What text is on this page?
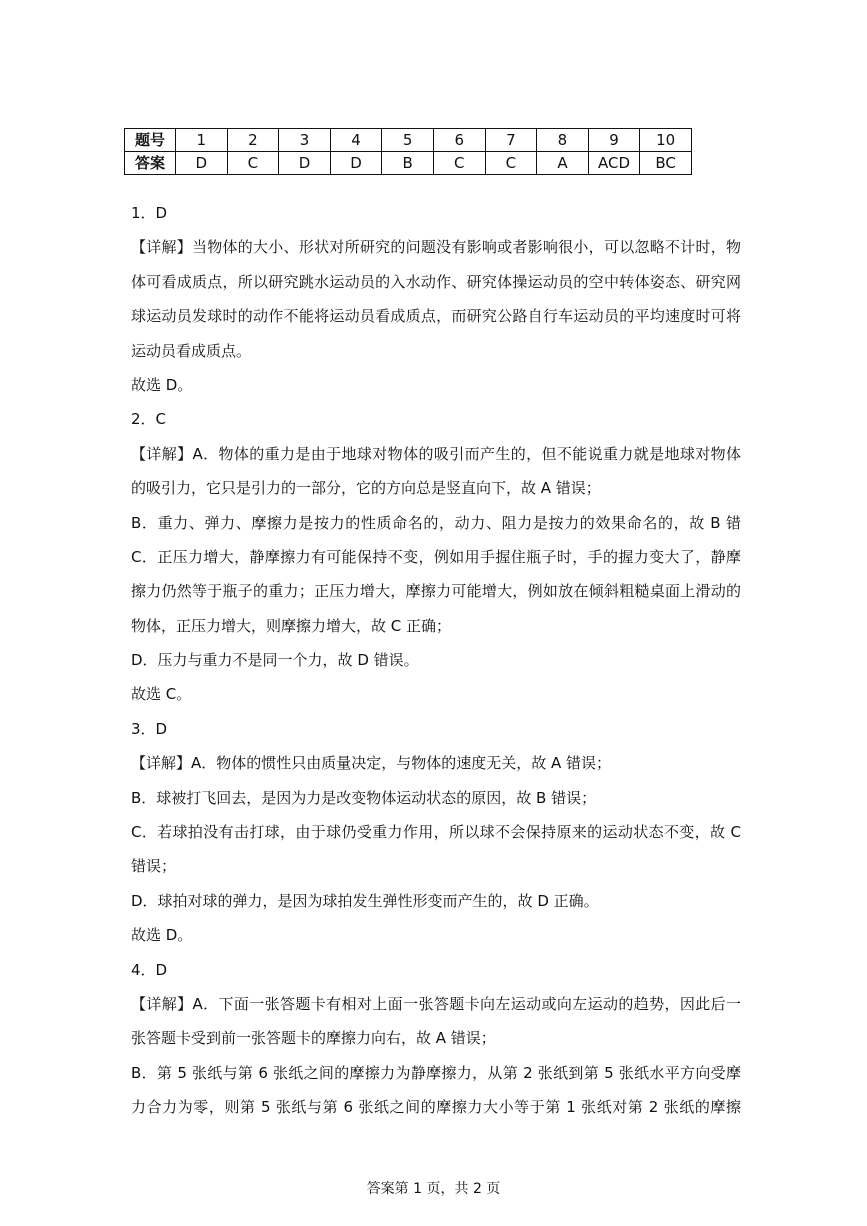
题号	1	2	3	4	5	6	7	8	9	10
答案	D	C	D	D	B	C	C	A	ACD	BC
1．D
【详解】当物体的大小、形状对所研究的问题没有影响或者影响很小，可以忽略不计时，物
体可看成质点，所以研究跳水运动员的入水动作、研究体操运动员的空中转体姿态、研究网
球运动员发球时的动作不能将运动员看成质点，而研究公路自行车运动员的平均速度时可将
运动员看成质点。
故选 D。
2．C
【详解】A．物体的重力是由于地球对物体的吸引而产生的，但不能说重力就是地球对物体
的吸引力，它只是引力的一部分，它的方向总是竖直向下，故 A 错误；
B．重力、弹力、摩擦力是按力的性质命名的，动力、阻力是按力的效果命名的，故 B 错
C．正压力增大，静摩擦力有可能保持不变，例如用手握住瓶子时，手的握力变大了，静摩
擦力仍然等于瓶子的重力；正压力增大，摩擦力可能增大，例如放在倾斜粗糙桌面上滑动的
物体，正压力增大，则摩擦力增大，故 C 正确；
D．压力与重力不是同一个力，故 D 错误。
故选 C。
3．D
【详解】A．物体的惯性只由质量决定，与物体的速度无关，故 A 错误；
B．球被打飞回去，是因为力是改变物体运动状态的原因，故 B 错误；
C．若球拍没有击打球，由于球仍受重力作用，所以球不会保持原来的运动状态不变，故 C
错误；
D．球拍对球的弹力，是因为球拍发生弹性形变而产生的，故 D 正确。
故选 D。
4．D
【详解】A．下面一张答题卡有相对上面一张答题卡向左运动或向左运动的趋势，因此后一
张答题卡受到前一张答题卡的摩擦力向右，故 A 错误；
B．第 5 张纸与第 6 张纸之间的摩擦力为静摩擦力，从第 2 张纸到第 5 张纸水平方向受摩
力合力为零，则第 5 张纸与第 6 张纸之间的摩擦力大小等于第 1 张纸对第 2 张纸的摩擦
答案第 1 页，共 2 页
